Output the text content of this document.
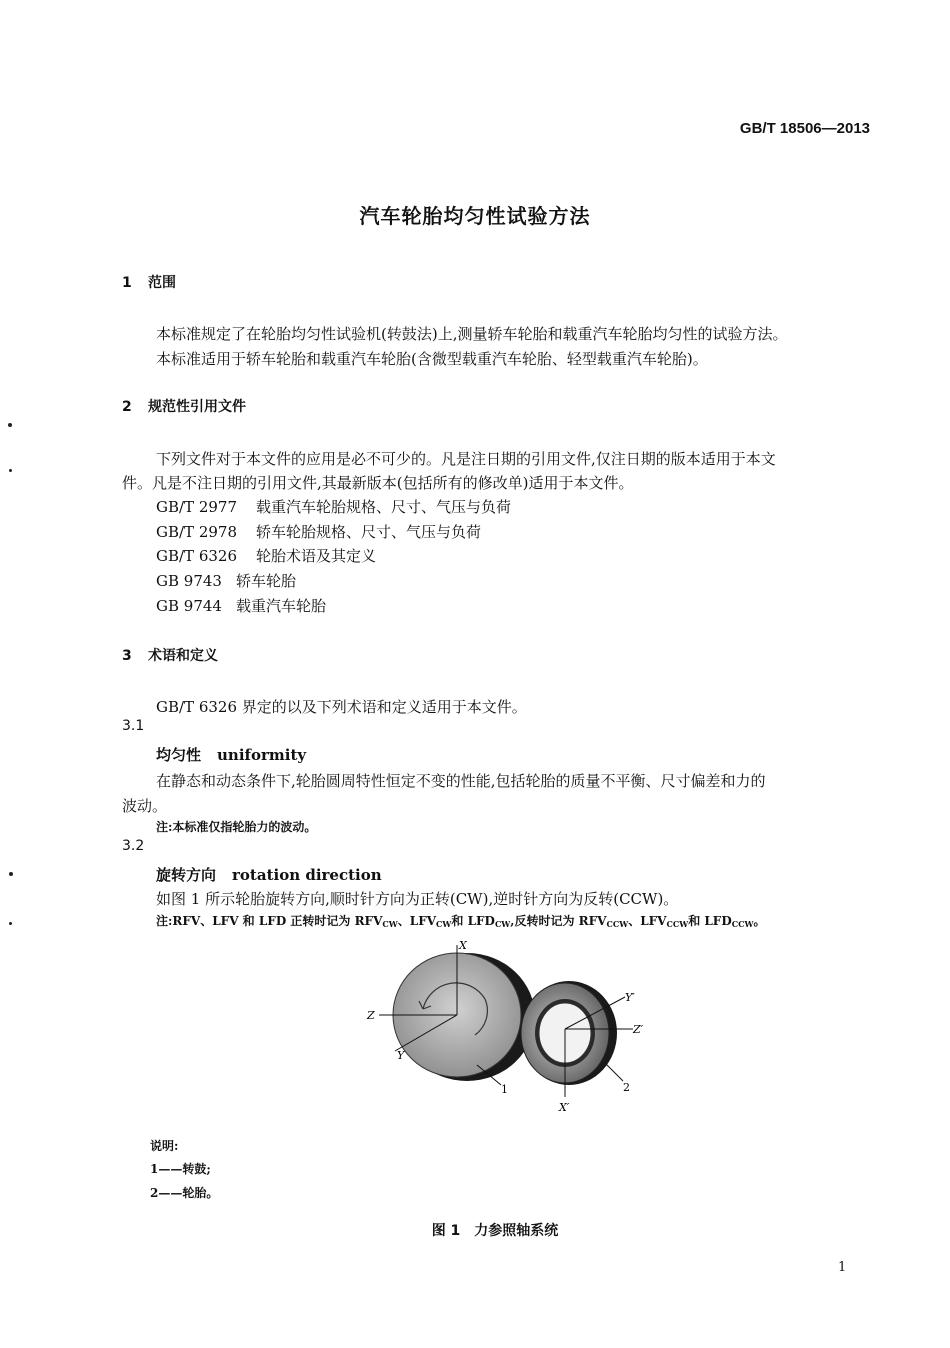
GB/T 18506—2013
汽车轮胎均匀性试验方法
1 范围
本标准规定了在轮胎均匀性试验机(转鼓法)上,测量轿车轮胎和载重汽车轮胎均匀性的试验方法。
本标准适用于轿车轮胎和载重汽车轮胎(含微型载重汽车轮胎、轻型载重汽车轮胎)。
2 规范性引用文件
下列文件对于本文件的应用是必不可少的。凡是注日期的引用文件,仅注日期的版本适用于本文
件。凡是不注日期的引用文件,其最新版本(包括所有的修改单)适用于本文件。
GB/T 2977 载重汽车轮胎规格、尺寸、气压与负荷
GB/T 2978 轿车轮胎规格、尺寸、气压与负荷
GB/T 6326 轮胎术语及其定义
GB 9743 轿车轮胎
GB 9744 载重汽车轮胎
3 术语和定义
GB/T 6326 界定的以及下列术语和定义适用于本文件。
3.1
均匀性 uniformity
在静态和动态条件下,轮胎圆周特性恒定不变的性能,包括轮胎的质量不平衡、尺寸偏差和力的
波动。
注:本标准仅指轮胎力的波动。
3.2
旋转方向 rotation direction
如图 1 所示轮胎旋转方向,顺时针方向为正转(CW),逆时针方向为反转(CCW)。
注:RFV、LFV 和 LFD 正转时记为 $RFV_{CW}$、$LFV_{CW}$和 $LFD_{CW}$,反转时记为 $RFV_{CCW}$、$LFV_{CCW}$和 $LFD_{CCW}$。
X
Z
Y
Y′
Z′
X′
1	2
说明:
1——转鼓;
2——轮胎。
图 1　力参照轴系统
1
